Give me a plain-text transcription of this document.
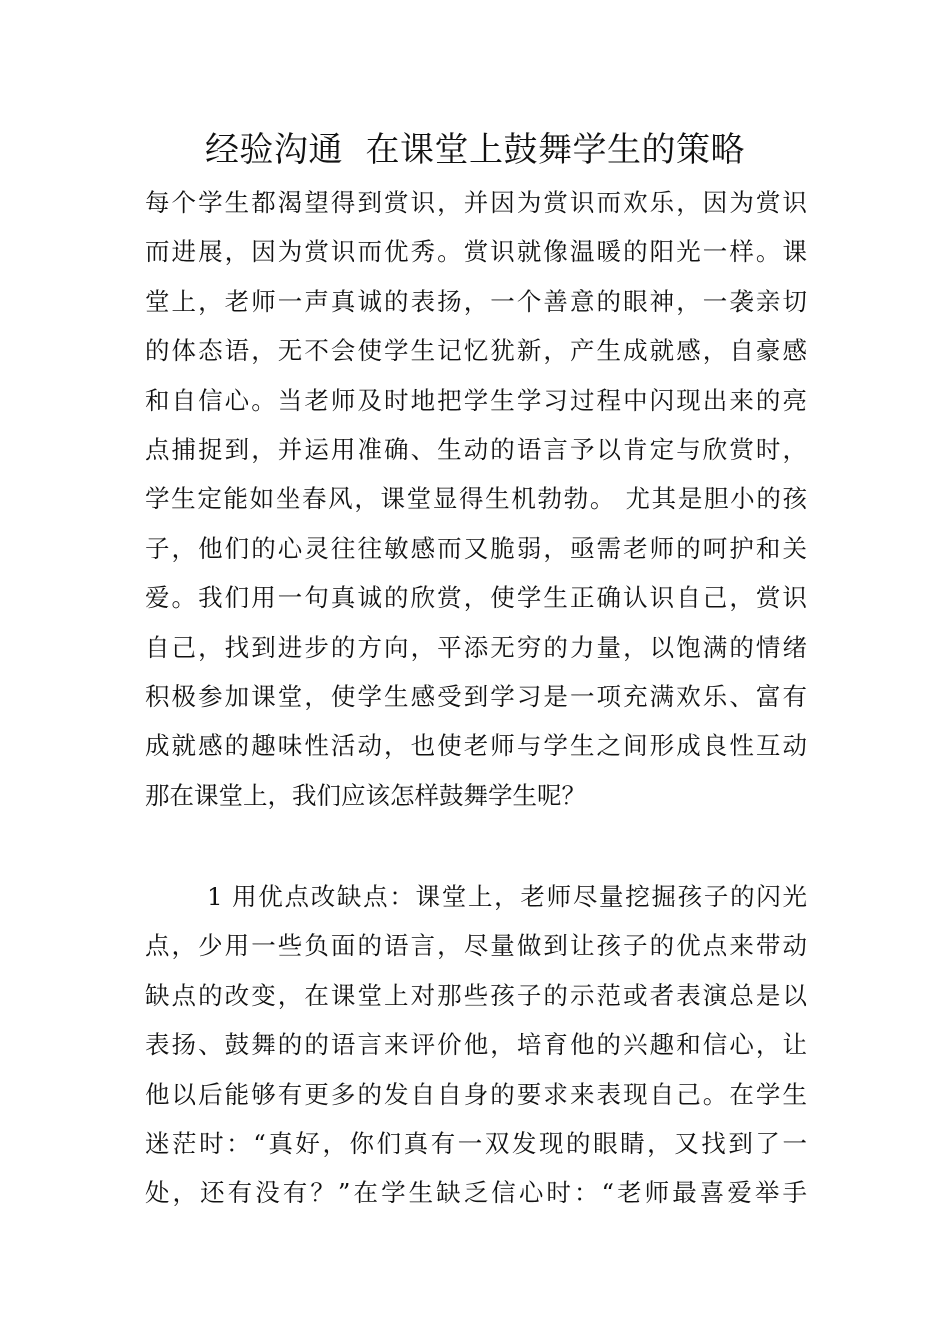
经验沟通  在课堂上鼓舞学生的策略
每个学生都渴望得到赏识，并因为赏识而欢乐，因为赏识
而进展，因为赏识而优秀。赏识就像温暖的阳光一样。课
堂上，老师一声真诚的表扬，一个善意的眼神，一袭亲切
的体态语，无不会使学生记忆犹新，产生成就感，自豪感
和自信心。当老师及时地把学生学习过程中闪现出来的亮
点捕捉到，并运用准确、生动的语言予以肯定与欣赏时，
学生定能如坐春风，课堂显得生机勃勃。 尤其是胆小的孩
子，他们的心灵往往敏感而又脆弱，亟需老师的呵护和关
爱。我们用一句真诚的欣赏，使学生正确认识自己，赏识
自己，找到进步的方向，平添无穷的力量，以饱满的情绪
积极参加课堂，使学生感受到学习是一项充满欢乐、富有
成就感的趣味性活动，也使老师与学生之间形成良性互动
那在课堂上，我们应该怎样鼓舞学生呢？
1 用优点改缺点：课堂上，老师尽量挖掘孩子的闪光
点，少用一些负面的语言，尽量做到让孩子的优点来带动
缺点的改变，在课堂上对那些孩子的示范或者表演总是以
表扬、鼓舞的的语言来评价他，培育他的兴趣和信心，让
他以后能够有更多的发自自身的要求来表现自己。在学生
迷茫时：“真好，你们真有一双发现的眼睛，又找到了一
处，还有没有？”在学生缺乏信心时：“老师最喜爱举手
